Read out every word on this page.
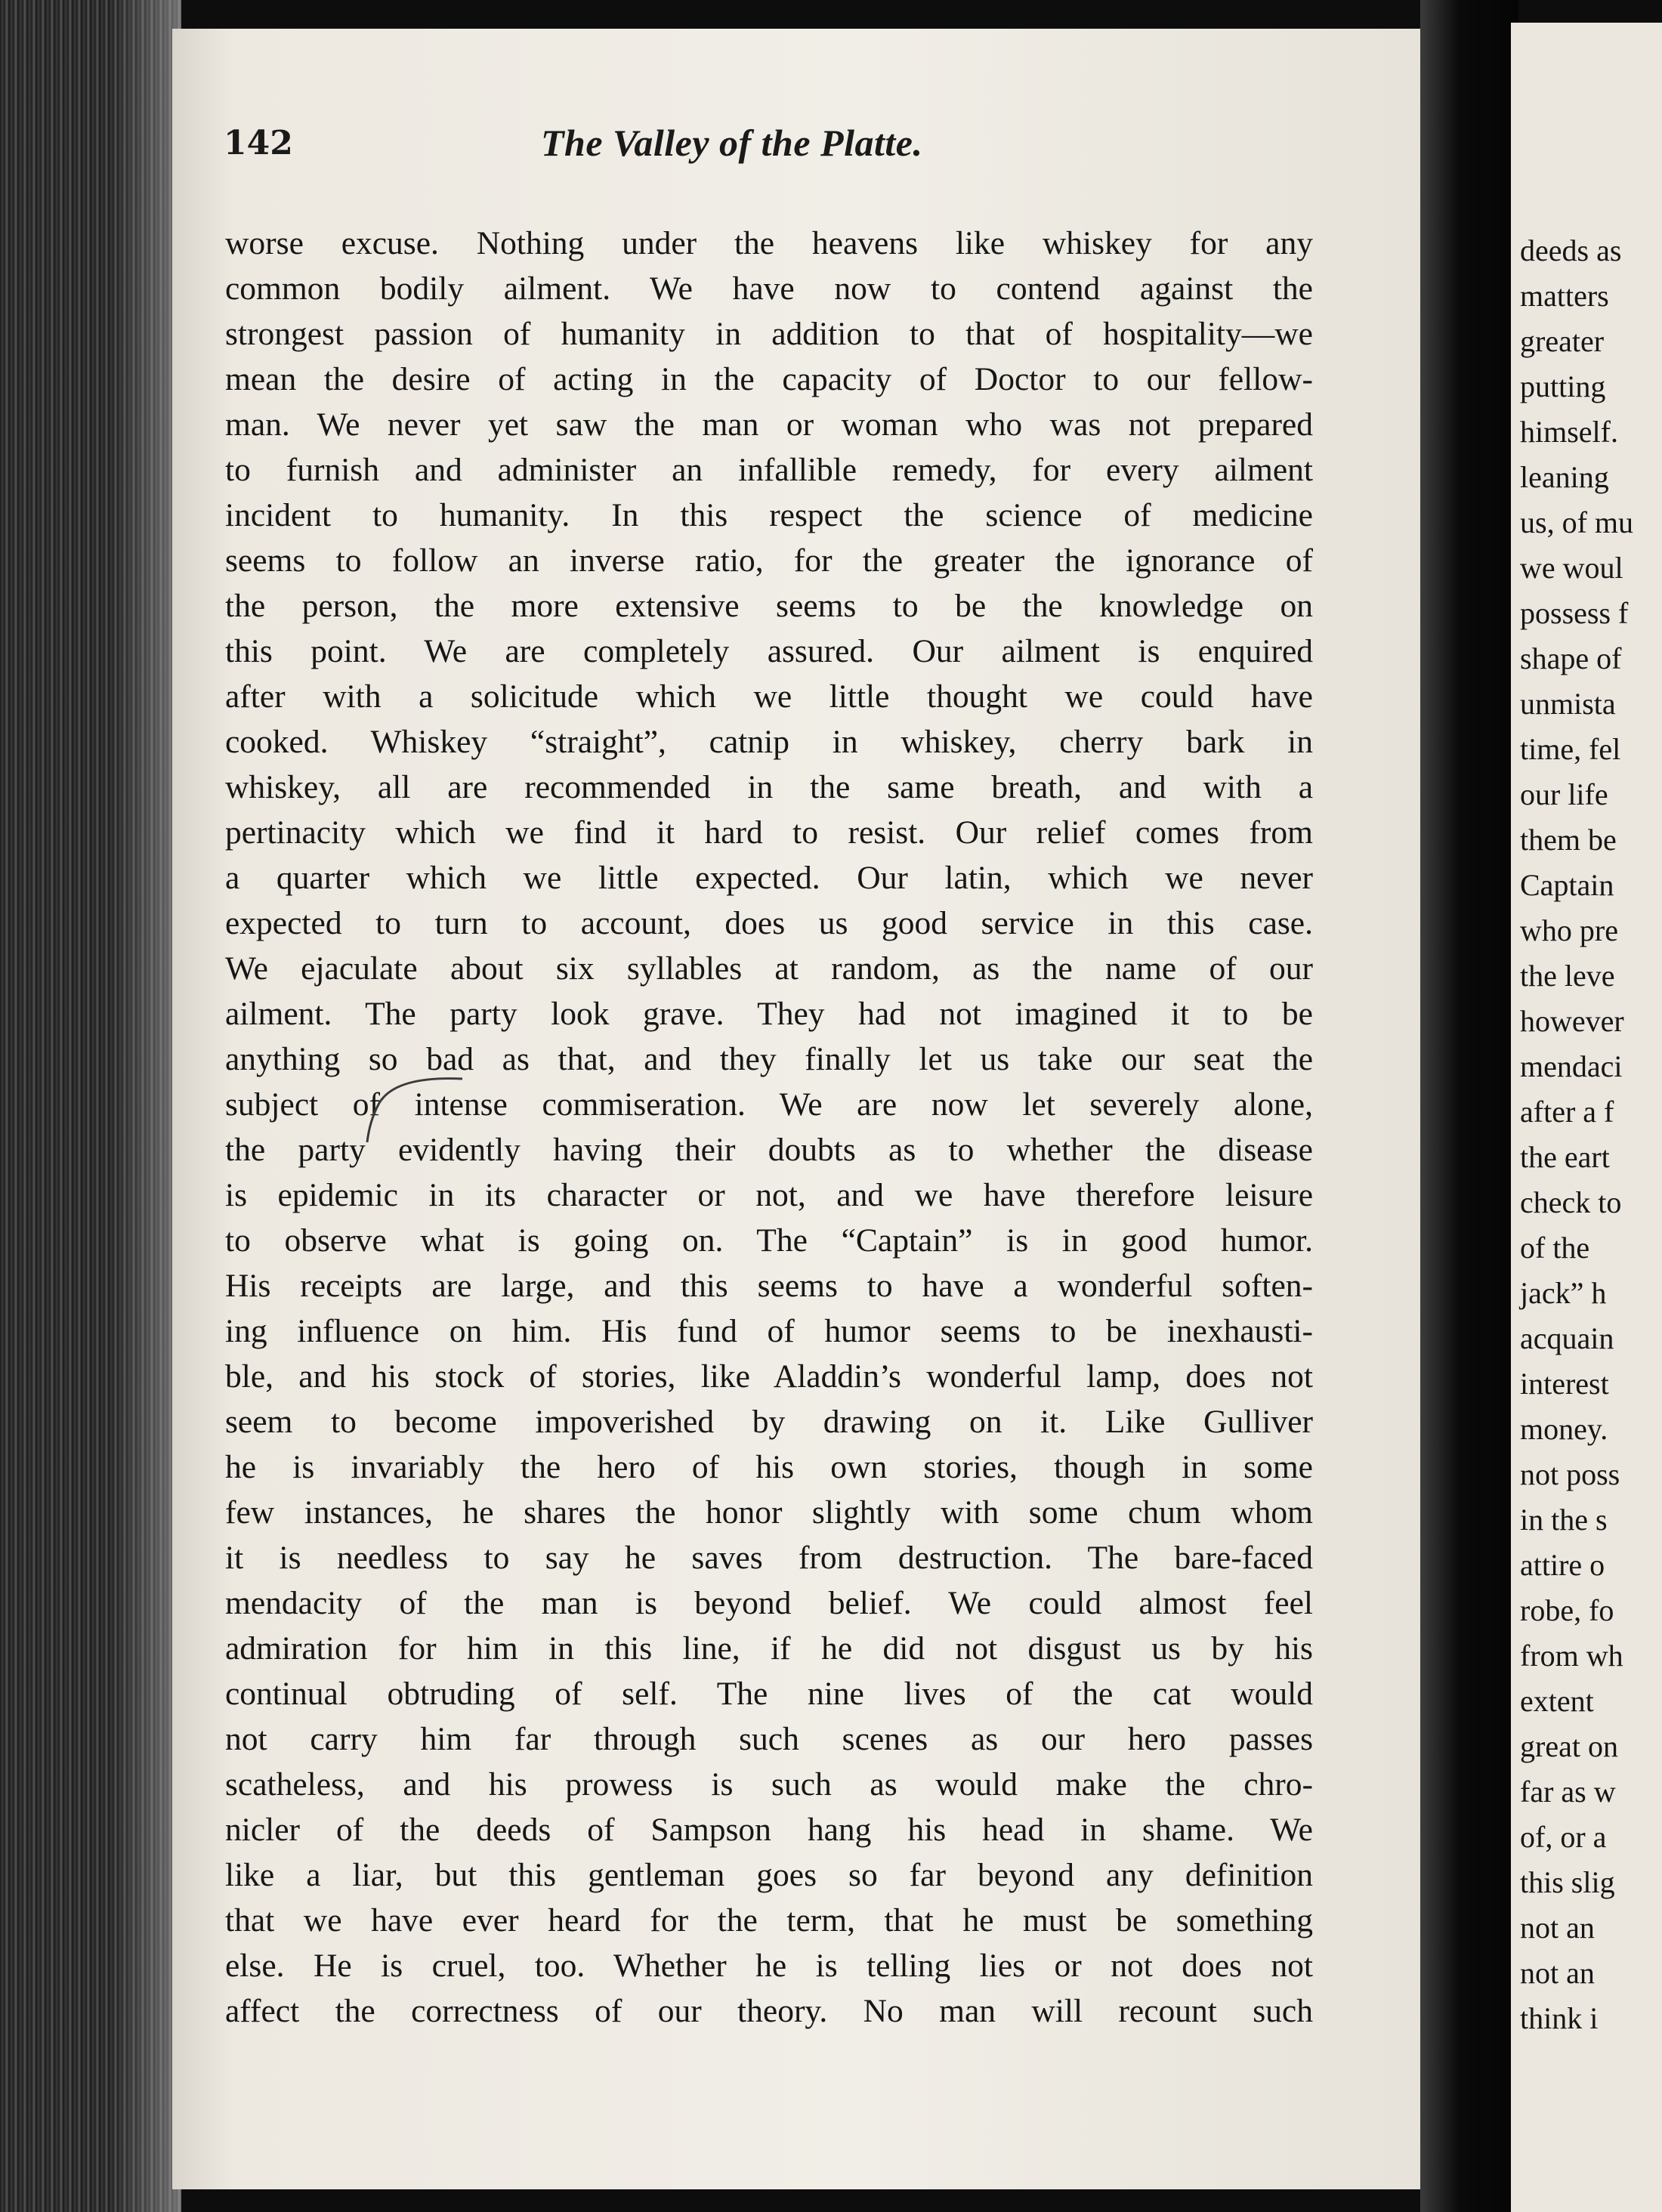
142	The Valley of the Platte.
worse excuse. Nothing under the heavens like whiskey for any
common bodily ailment. We have now to contend against the
strongest passion of humanity in addition to that of hospitality—we
mean the desire of acting in the capacity of Doctor to our fellow-
man. We never yet saw the man or woman who was not prepared
to furnish and administer an infallible remedy, for every ailment
incident to humanity. In this respect the science of medicine
seems to follow an inverse ratio, for the greater the ignorance of
the person, the more extensive seems to be the knowledge on
this point. We are completely assured. Our ailment is enquired
after with a solicitude which we little thought we could have
cooked. Whiskey “straight”, catnip in whiskey, cherry bark in
whiskey, all are recommended in the same breath, and with a
pertinacity which we find it hard to resist. Our relief comes from
a quarter which we little expected. Our latin, which we never
expected to turn to account, does us good service in this case.
We ejaculate about six syllables at random, as the name of our
ailment. The party look grave. They had not imagined it to be
anything so bad as that, and they finally let us take our seat the
subject of intense commiseration. We are now let severely alone,
the party evidently having their doubts as to whether the disease
is epidemic in its character or not, and we have therefore leisure
to observe what is going on. The “Captain” is in good humor.
His receipts are large, and this seems to have a wonderful soften-
ing influence on him. His fund of humor seems to be inexhausti-
ble, and his stock of stories, like Aladdin’s wonderful lamp, does not
seem to become impoverished by drawing on it. Like Gulliver
he is invariably the hero of his own stories, though in some
few instances, he shares the honor slightly with some chum whom
it is needless to say he saves from destruction. The bare-faced
mendacity of the man is beyond belief. We could almost feel
admiration for him in this line, if he did not disgust us by his
continual obtruding of self. The nine lives of the cat would
not carry him far through such scenes as our hero passes
scatheless, and his prowess is such as would make the chro-
nicler of the deeds of Sampson hang his head in shame. We
like a liar, but this gentleman goes so far beyond any definition
that we have ever heard for the term, that he must be something
else. He is cruel, too. Whether he is telling lies or not does not
affect the correctness of our theory. No man will recount such
deeds as
matters
greater
putting
himself.
leaning
us, of mu
we woul
possess f
shape of
unmista
time, fel
our life
them be
Captain
who pre
the leve
however
mendaci
after a f
the eart
check to
of the
jack” h
acquain
interest
money.
not poss
in the s
attire o
robe, fo
from wh
extent
great on
far as w
of, or a
this slig
not an
not an
think i
